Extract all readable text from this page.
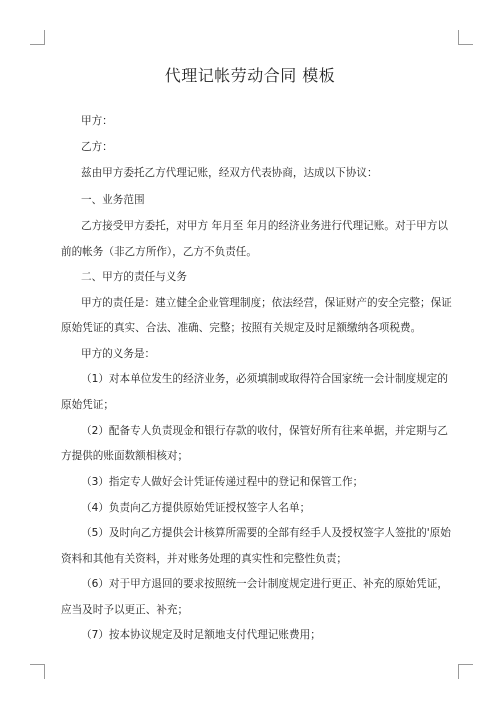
代理记帐劳动合同 模板
甲方：
乙方：
兹由甲方委托乙方代理记账，经双方代表协商，达成以下协议：
一、业务范围
乙方接受甲方委托，对甲方 年月至 年月的经济业务进行代理记账。对于甲方以
前的帐务（非乙方所作），乙方不负责任。
二、甲方的责任与义务
甲方的责任是：建立健全企业管理制度；依法经营，保证财产的安全完整；保证
原始凭证的真实、合法、准确、完整；按照有关规定及时足额缴纳各项税费。
甲方的义务是：
（1）对本单位发生的经济业务，必须填制或取得符合国家统一会计制度规定的
原始凭证；
（2）配备专人负责现金和银行存款的收付，保管好所有往来单据，并定期与乙
方提供的账面数额相核对；
（3）指定专人做好会计凭证传递过程中的登记和保管工作；
（4）负责向乙方提供原始凭证授权签字人名单；
（5）及时向乙方提供会计核算所需要的全部有经手人及授权签字人签批的'原始
资料和其他有关资料，并对账务处理的真实性和完整性负责；
（6）对于甲方退回的要求按照统一会计制度规定进行更正、补充的原始凭证，
应当及时予以更正、补充；
（7）按本协议规定及时足额地支付代理记账费用；
